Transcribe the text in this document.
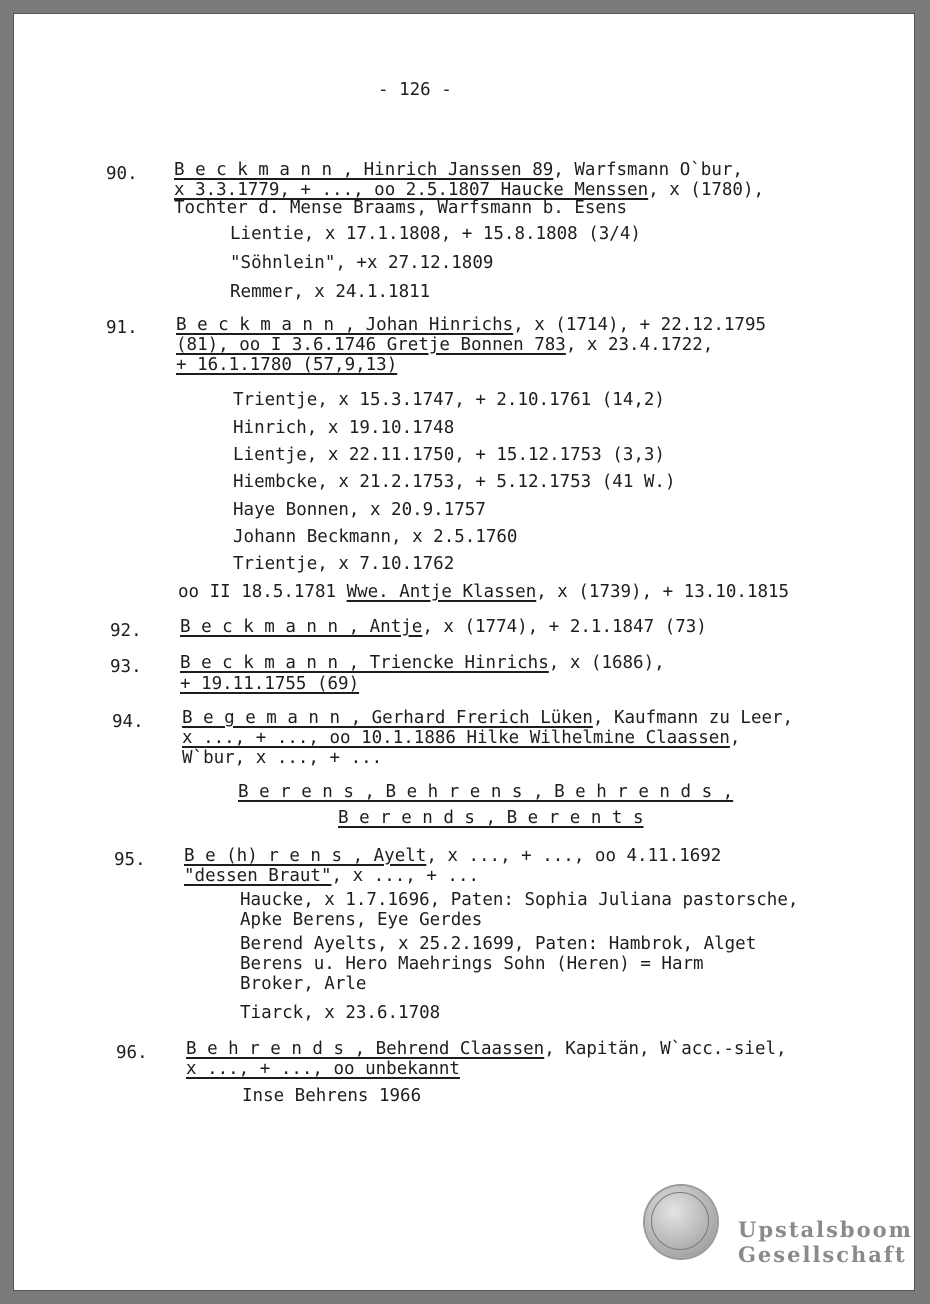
- 126 -
90. B e c k m a n n , Hinrich Janssen 89, Warfsmann O`bur,
x 3.3.1779, + ..., oo 2.5.1807 Haucke Menssen, x (1780),
Tochter d. Mense Braams, Warfsmann b. Esens
Lientie, x 17.1.1808, + 15.8.1808 (3/4)
"Söhnlein", +x 27.12.1809
Remmer, x 24.1.1811
91. B e c k m a n n , Johan Hinrichs, x (1714), + 22.12.1795
(81), oo I 3.6.1746 Gretje Bonnen 783, x 23.4.1722,
+ 16.1.1780 (57,9,13)
Trientje, x 15.3.1747, + 2.10.1761 (14,2)
Hinrich, x 19.10.1748
Lientje, x 22.11.1750, + 15.12.1753 (3,3)
Hiembcke, x 21.2.1753, + 5.12.1753 (41 W.)
Haye Bonnen, x 20.9.1757
Johann Beckmann, x 2.5.1760
Trientje, x 7.10.1762
oo II 18.5.1781 Wwe. Antje Klassen, x (1739), + 13.10.1815
92. B e c k m a n n , Antje, x (1774), + 2.1.1847 (73)
93. B e c k m a n n , Triencke Hinrichs, x (1686),
+ 19.11.1755 (69)
94. B e g e m a n n , Gerhard Frerich Lüken, Kaufmann zu Leer,
x ..., + ..., oo 10.1.1886 Hilke Wilhelmine Claassen,
W`bur, x ..., + ...
B e r e n s , B e h r e n s , B e h r e n d s ,
B e r e n d s , B e r e n t s
95. B e (h) r e n s , Ayelt, x ..., + ..., oo 4.11.1692
"dessen Braut", x ..., + ...
Haucke, x 1.7.1696, Paten: Sophia Juliana pastorsche,
Apke Berens, Eye Gerdes
Berend Ayelts, x 25.2.1699, Paten: Hambrok, Alget
Berens u. Hero Maehrings Sohn (Heren) = Harm
Broker, Arle
Tiarck, x 23.6.1708
96. B e h r e n d s , Behrend Claassen, Kapitän, W`acc.-siel,
x ..., + ..., oo unbekannt
Inse Behrens 1966
Upstalsboom
Gesellschaft
